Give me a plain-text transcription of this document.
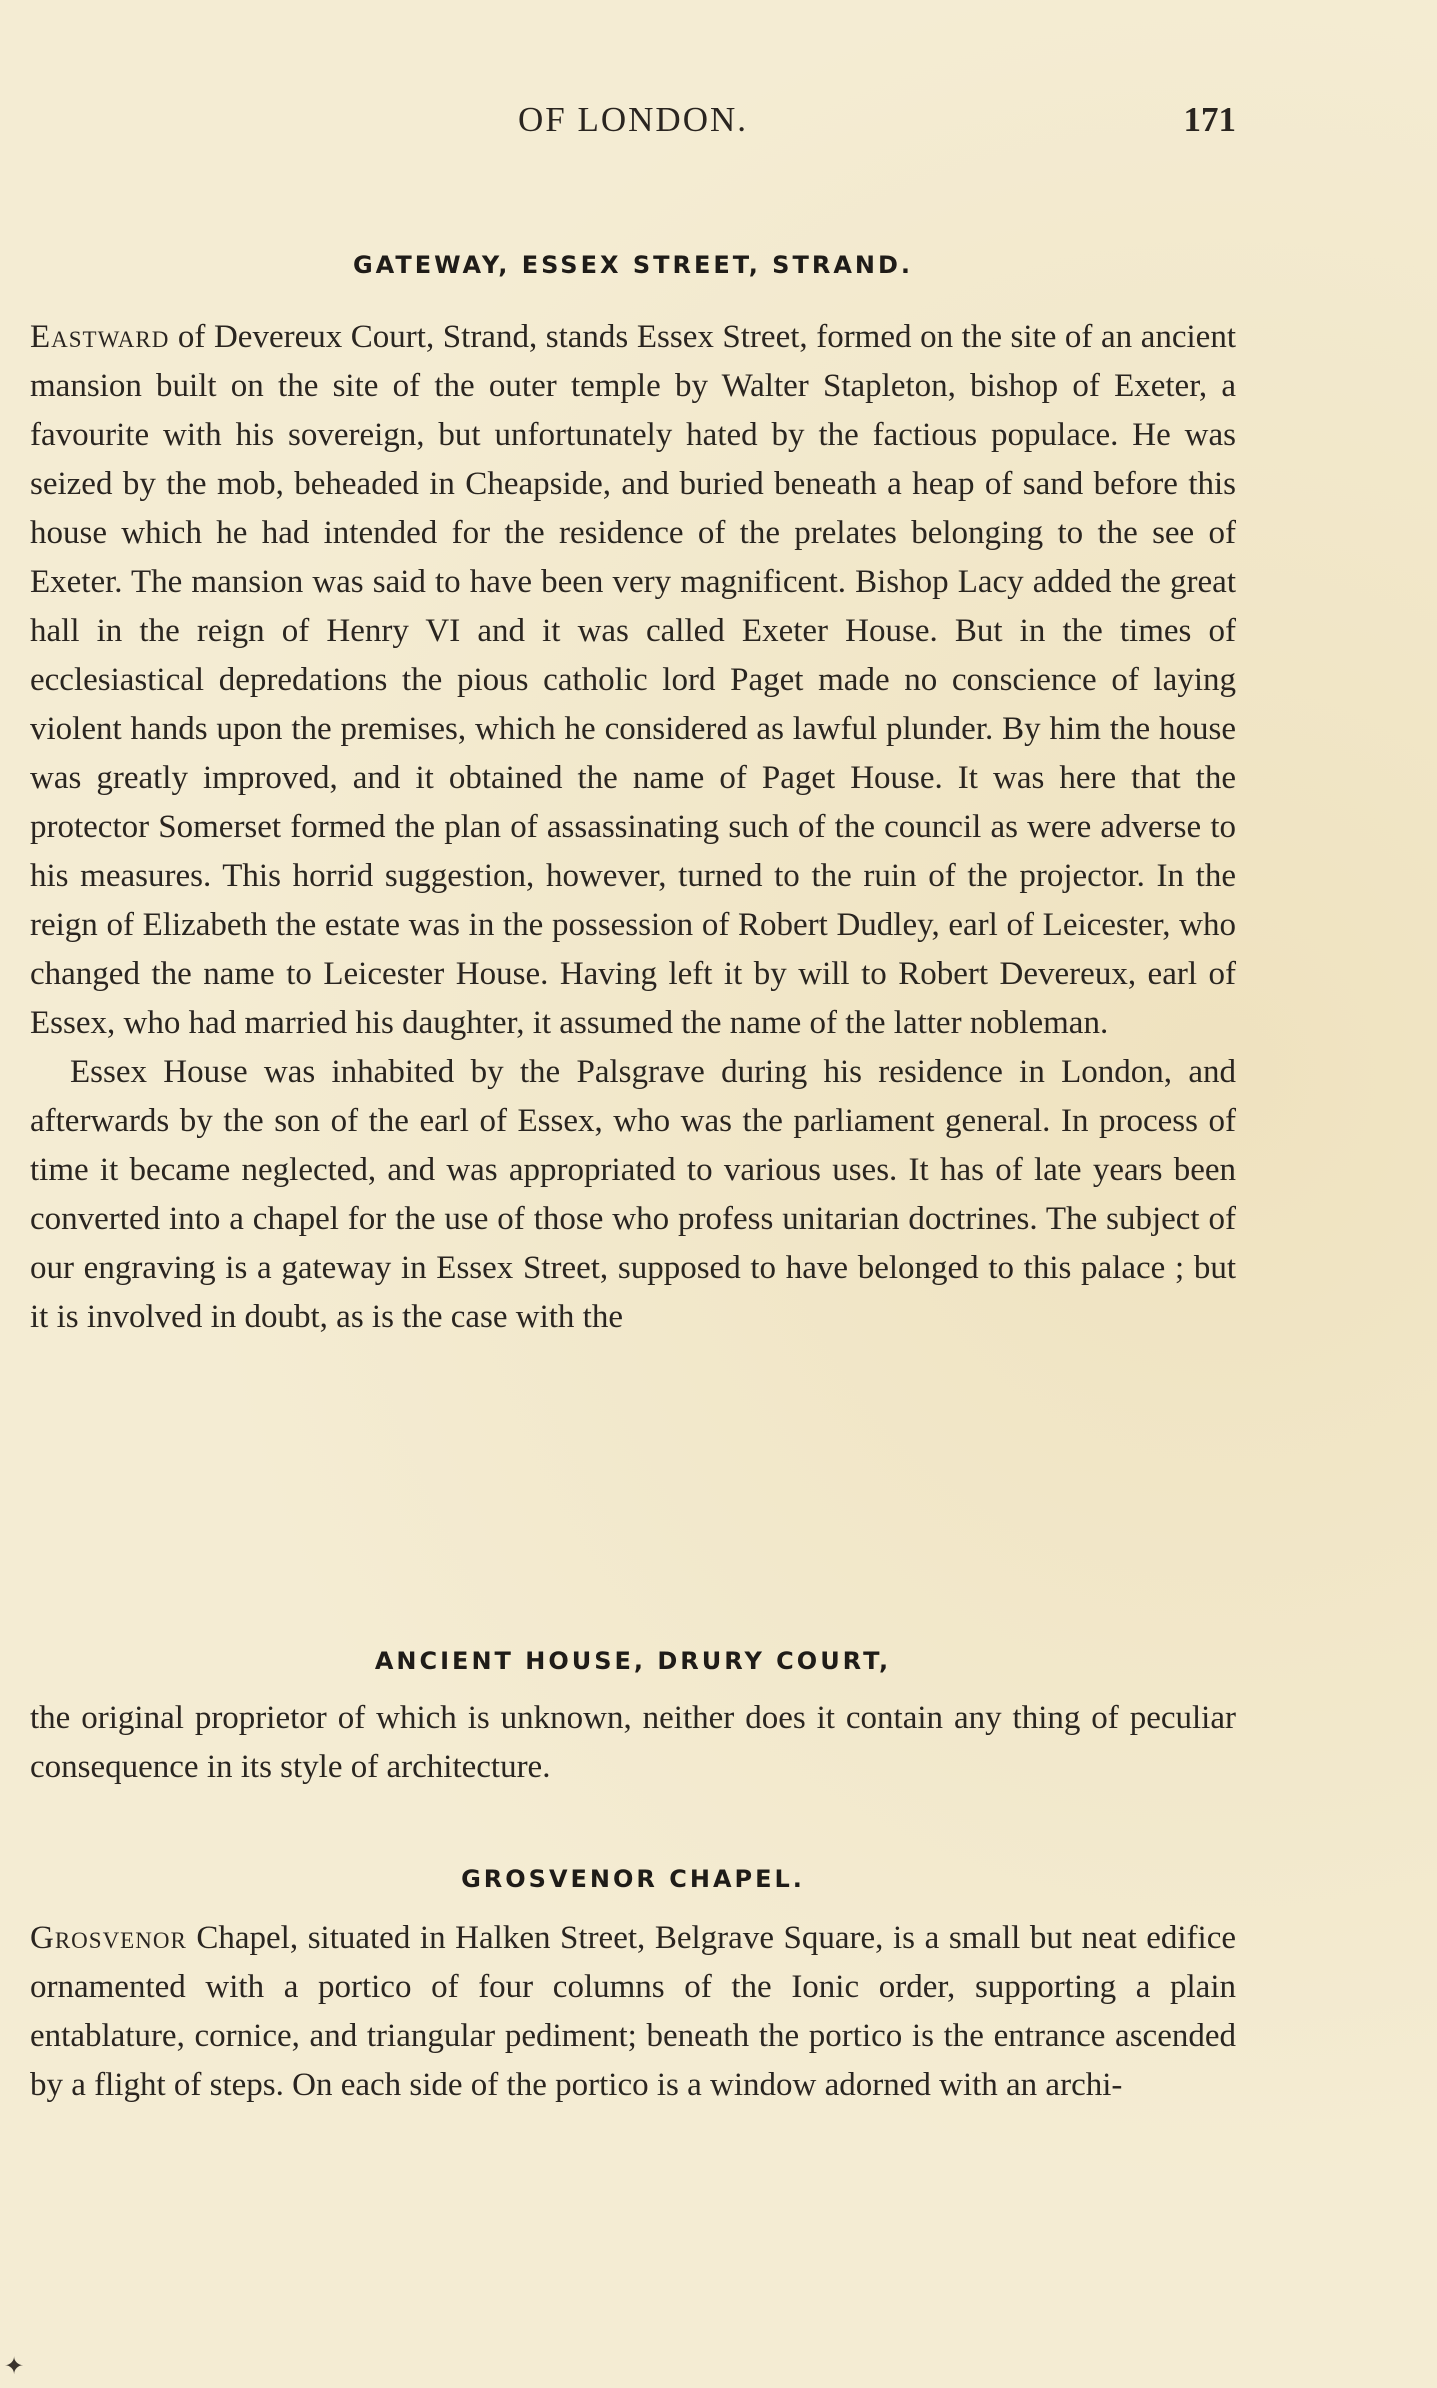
OF LONDON.	171
GATEWAY, ESSEX STREET, STRAND.

Eastward of Devereux Court, Strand, stands Essex Street, formed on the site of an ancient mansion built on the site of the outer temple by Walter Stapleton, bishop of Exeter, a favourite with his sovereign, but unfortunately hated by the factious populace. He was seized by the mob, beheaded in Cheapside, and buried beneath a heap of sand before this house which he had intended for the residence of the prelates belonging to the see of Exeter. The mansion was said to have been very magnificent. Bishop Lacy added the great hall in the reign of Henry VI and it was called Exeter House. But in the times of ecclesiastical depredations the pious catholic lord Paget made no conscience of laying violent hands upon the premises, which he considered as lawful plunder. By him the house was greatly improved, and it obtained the name of Paget House. It was here that the protector Somerset formed the plan of assassinating such of the council as were adverse to his measures. This horrid suggestion, however, turned to the ruin of the projector. In the reign of Elizabeth the estate was in the possession of Robert Dudley, earl of Leicester, who changed the name to Leicester House. Having left it by will to Robert Devereux, earl of Essex, who had married his daughter, it assumed the name of the latter nobleman.

Essex House was inhabited by the Palsgrave during his residence in London, and afterwards by the son of the earl of Essex, who was the parliament general. In process of time it became neglected, and was appropriated to various uses. It has of late years been converted into a chapel for the use of those who profess unitarian doctrines. The subject of our engraving is a gateway in Essex Street, supposed to have belonged to this palace ; but it is involved in doubt, as is the case with the

ANCIENT HOUSE, DRURY COURT,

the original proprietor of which is unknown, neither does it contain any thing of peculiar consequence in its style of architecture.

GROSVENOR CHAPEL.

Grosvenor Chapel, situated in Halken Street, Belgrave Square, is a small but neat edifice ornamented with a portico of four columns of the Ionic order, supporting a plain entablature, cornice, and triangular pediment; beneath the portico is the entrance ascended by a flight of steps. On each side of the portico is a window adorned with an archi-

✦
